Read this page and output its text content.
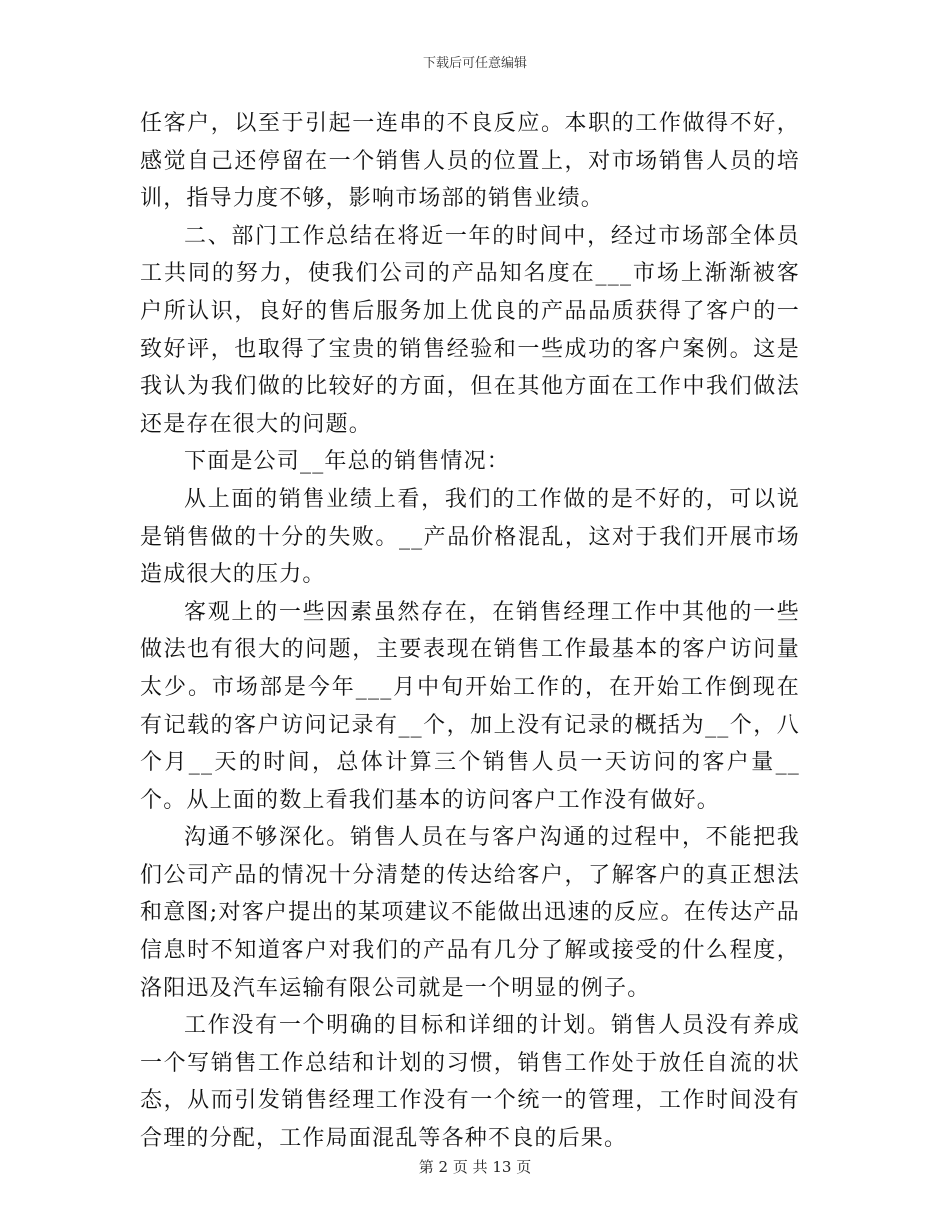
下载后可任意编辑

任客户，以至于引起一连串的不良反应。本职的工作做得不好，感觉自己还停留在一个销售人员的位置上，对市场销售人员的培训，指导力度不够，影响市场部的销售业绩。

二、部门工作总结在将近一年的时间中，经过市场部全体员工共同的努力，使我们公司的产品知名度在___市场上渐渐被客户所认识，良好的售后服务加上优良的产品品质获得了客户的一致好评，也取得了宝贵的销售经验和一些成功的客户案例。这是我认为我们做的比较好的方面，但在其他方面在工作中我们做法还是存在很大的问题。

下面是公司__年总的销售情况：

从上面的销售业绩上看，我们的工作做的是不好的，可以说是销售做的十分的失败。__产品价格混乱，这对于我们开展市场造成很大的压力。

客观上的一些因素虽然存在，在销售经理工作中其他的一些做法也有很大的问题，主要表现在销售工作最基本的客户访问量太少。市场部是今年___月中旬开始工作的，在开始工作倒现在有记载的客户访问记录有__个，加上没有记录的概括为__个，八个月__天的时间，总体计算三个销售人员一天访问的客户量__个。从上面的数上看我们基本的访问客户工作没有做好。

沟通不够深化。销售人员在与客户沟通的过程中，不能把我们公司产品的情况十分清楚的传达给客户，了解客户的真正想法和意图;对客户提出的某项建议不能做出迅速的反应。在传达产品信息时不知道客户对我们的产品有几分了解或接受的什么程度，洛阳迅及汽车运输有限公司就是一个明显的例子。

工作没有一个明确的目标和详细的计划。销售人员没有养成一个写销售工作总结和计划的习惯，销售工作处于放任自流的状态，从而引发销售经理工作没有一个统一的管理，工作时间没有合理的分配，工作局面混乱等各种不良的后果。

第 2 页 共 13 页
